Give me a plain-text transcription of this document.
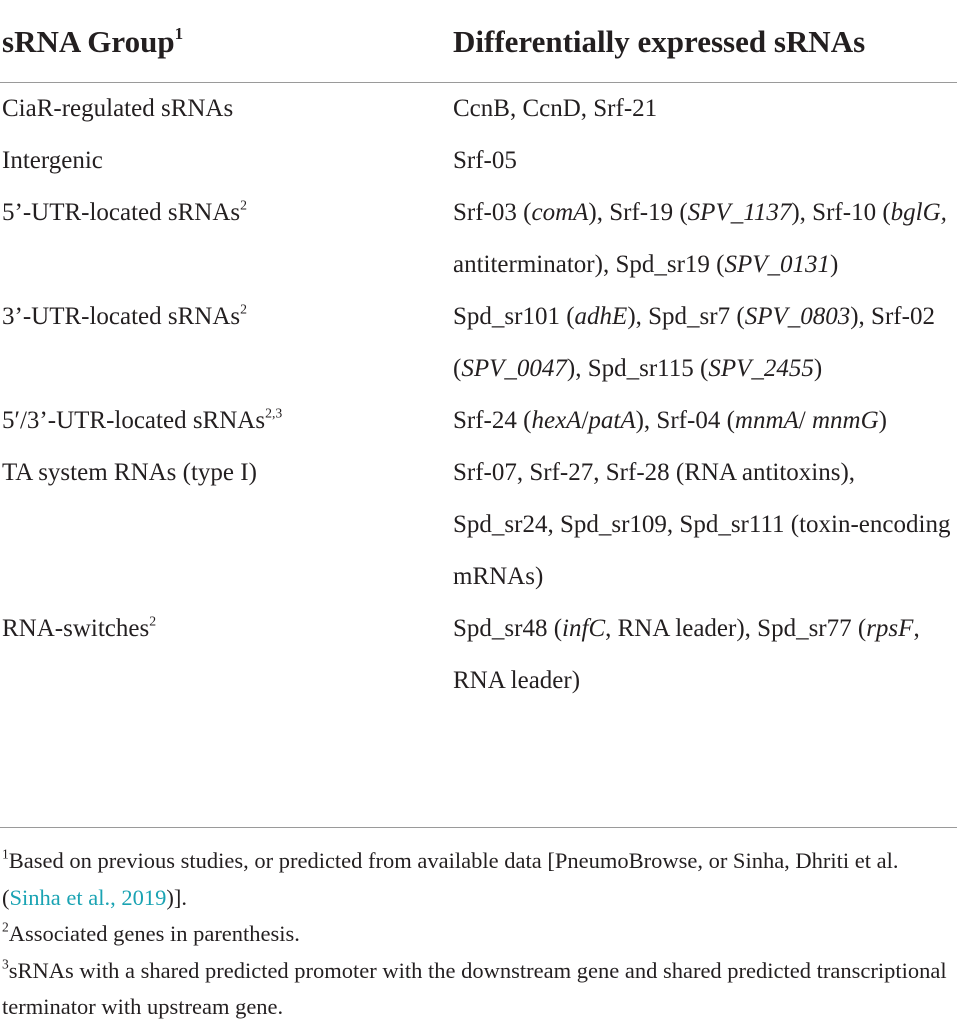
sRNA Group$^1$	Differentially expressed sRNAs
CiaR-regulated sRNAs	CcnB, CcnD, Srf-21
Intergenic	Srf-05
5’-UTR-located sRNAs$^2$	Srf-03 (comA), Srf-19 (SPV_1137), Srf-10 (bglG, antiterminator), Spd_sr19 (SPV_0131)
3’-UTR-located sRNAs$^2$	Spd_sr101 (adhE), Spd_sr7 (SPV_0803), Srf-02 (SPV_0047), Spd_sr115 (SPV_2455)
5′/3’-UTR-located sRNAs$^{2,3}$	Srf-24 (hexA/patA), Srf-04 (mnmA/ mnmG)
TA system RNAs (type I)	Srf-07, Srf-27, Srf-28 (RNA antitoxins), Spd_sr24, Spd_sr109, Spd_sr111 (toxin-encoding mRNAs)
RNA-switches$^2$	Spd_sr48 (infC, RNA leader), Spd_sr77 (rpsF, RNA leader)

$^1$Based on previous studies, or predicted from available data [PneumoBrowse, or Sinha, Dhriti et al. (Sinha et al., 2019)].

$^2$Associated genes in parenthesis.

$^3$sRNAs with a shared predicted promoter with the downstream gene and shared predicted transcriptional terminator with upstream gene.
